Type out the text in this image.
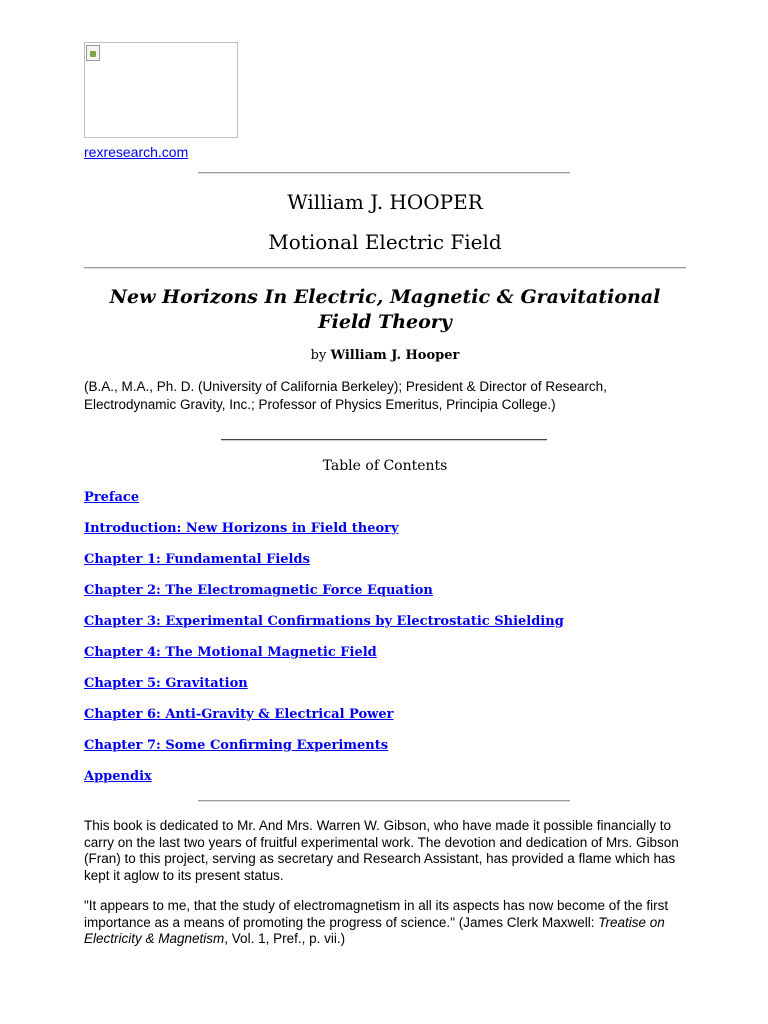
rexresearch.com
William J. HOOPER
Motional Electric Field
New Horizons In Electric, Magnetic & Gravitational Field Theory
by William J. Hooper
(B.A., M.A., Ph. D. (University of California Berkeley); President & Director of Research, Electrodynamic Gravity, Inc.; Professor of Physics Emeritus, Principia College.)
Table of Contents
Preface
Introduction: New Horizons in Field theory
Chapter 1: Fundamental Fields
Chapter 2: The Electromagnetic Force Equation
Chapter 3: Experimental Confirmations by Electrostatic Shielding
Chapter 4: The Motional Magnetic Field
Chapter 5: Gravitation
Chapter 6: Anti-Gravity & Electrical Power
Chapter 7: Some Confirming Experiments
Appendix

This book is dedicated to Mr. And Mrs. Warren W. Gibson, who have made it possible financially to carry on the last two years of fruitful experimental work. The devotion and dedication of Mrs. Gibson (Fran) to this project, serving as secretary and Research Assistant, has provided a flame which has kept it aglow to its present status.

"It appears to me, that the study of electromagnetism in all its aspects has now become of the first importance as a means of promoting the progress of science." (James Clerk Maxwell: Treatise on Electricity & Magnetism, Vol. 1, Pref., p. vii.)
